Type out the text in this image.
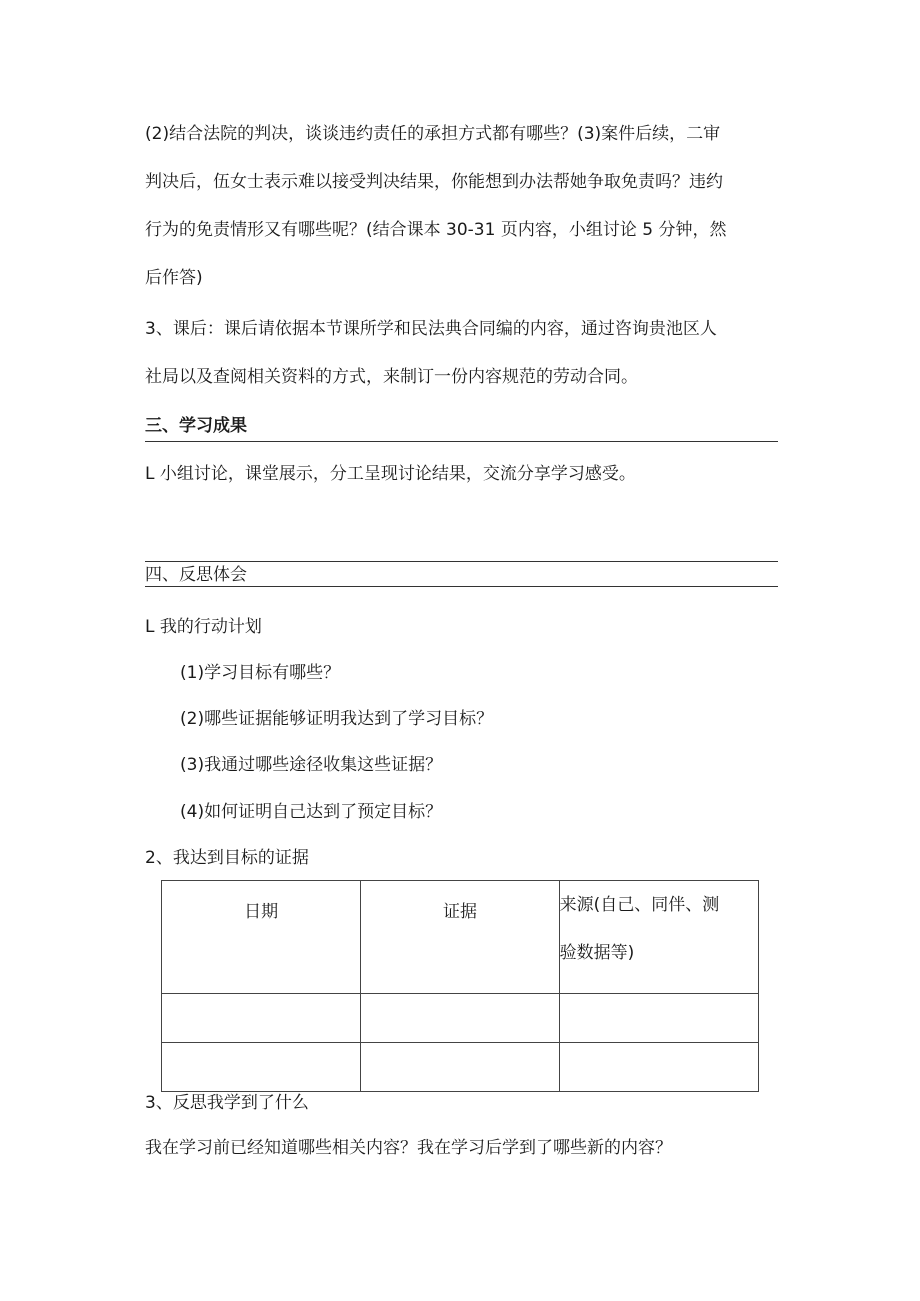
(2)结合法院的判决，谈谈违约责任的承担方式都有哪些？(3)案件后续，二审

判决后，伍女士表示难以接受判决结果，你能想到办法帮她争取免责吗？违约

行为的免责情形又有哪些呢？(结合课本 30-31 页内容，小组讨论 5 分钟，然

后作答)

3、课后：课后请依据本节课所学和民法典合同编的内容，通过咨询贵池区人

社局以及查阅相关资料的方式，来制订一份内容规范的劳动合同。

三、学习成果

L 小组讨论，课堂展示，分工呈现讨论结果，交流分享学习感受。

四、反思体会

L 我的行动计划

(1)学习目标有哪些？

(2)哪些证据能够证明我达到了学习目标？

(3)我通过哪些途径收集这些证据？

(4)如何证明自己达到了预定目标？

2、我达到目标的证据

日期	证据	来源(自己、同伴、测
验数据等)

3、反思我学到了什么

我在学习前已经知道哪些相关内容？我在学习后学到了哪些新的内容？
